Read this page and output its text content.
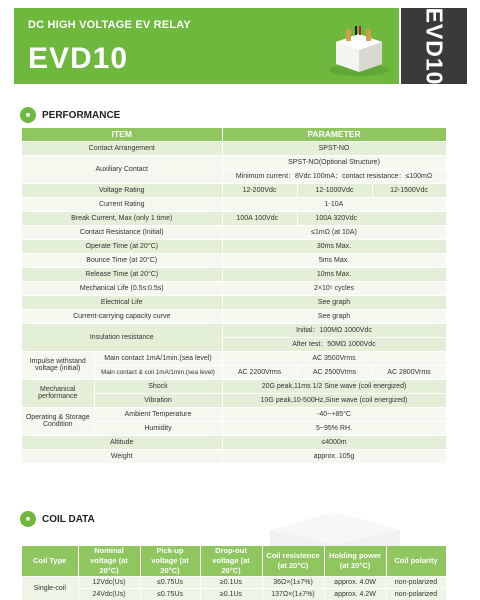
DC HIGH VOLTAGE EV RELAY
EVD10	EVD10
■	PERFORMANCE
ITEM		PARAMETER		
Contact Arrangement		SPST-NO		
Auxiliary Contact		SPST-NO(Optional Structure)		
		Minimum current：8Vdc 100mA；contact resistance：≤100mΩ		
Voltage Rating		12-200Vdc	12-1000Vdc	12-1500Vdc
Current Rating		1-10A		
Break Current, Max (only 1 time)		100A 100Vdc	100A 320Vdc	
Contact Resistance (Initial)		≤1mΩ (at 10A)		
Operate Time (at 20°C)		30ms Max.		
Bounce Time (at 20°C)		5ms Max.		
Release Time (at 20°C)		10ms Max.		
Mechanical Life (0.5s:0.5s)		2×10⁵ cycles		
Electrical Life		See graph		
Current-carrying capacity curve		See graph		
Insulation resistance		Initial：100MΩ 1000Vdc		
		After test：50MΩ 1000Vdc		
Impulse withstand voltage (initial)	Main contact 1mA/1min.(sea level)	AC 3500Vrms		
	Main contact & coil 1mA/1min.(sea level)	AC 2200Vrms	AC 2500Vrms	AC 2800Vrms
Mechanical performance	Shock	20G peak,11ms 1/2 Sine wave (coil energized)		
	Vibration	10G peak,10-500Hz,Sine wave (coil energized)		
Operating & Storage Condition	Ambient Temperature	-40~+85°C		
	Humidity	5~95% RH.		
Altitude		≤4000m		
Weight		approx. 105g		
■	COIL DATA
Coil Type	Nominal voltage (at 20°C)	Pick-up voltage (at 20°C)	Drop-out voltage (at 20°C)	Coil resistence (at 20°C)	Holding power (at 20°C)	Coil polarity
Single-coil	12Vdc(Us)	≤0.75Us	≥0.1Us	36Ω×(1±7%)	approx. 4.0W	non-polarized
	24Vdc(Us)	≤0.75Us	≥0.1Us	137Ω×(1±7%)	approx. 4.2W	non-polarized
